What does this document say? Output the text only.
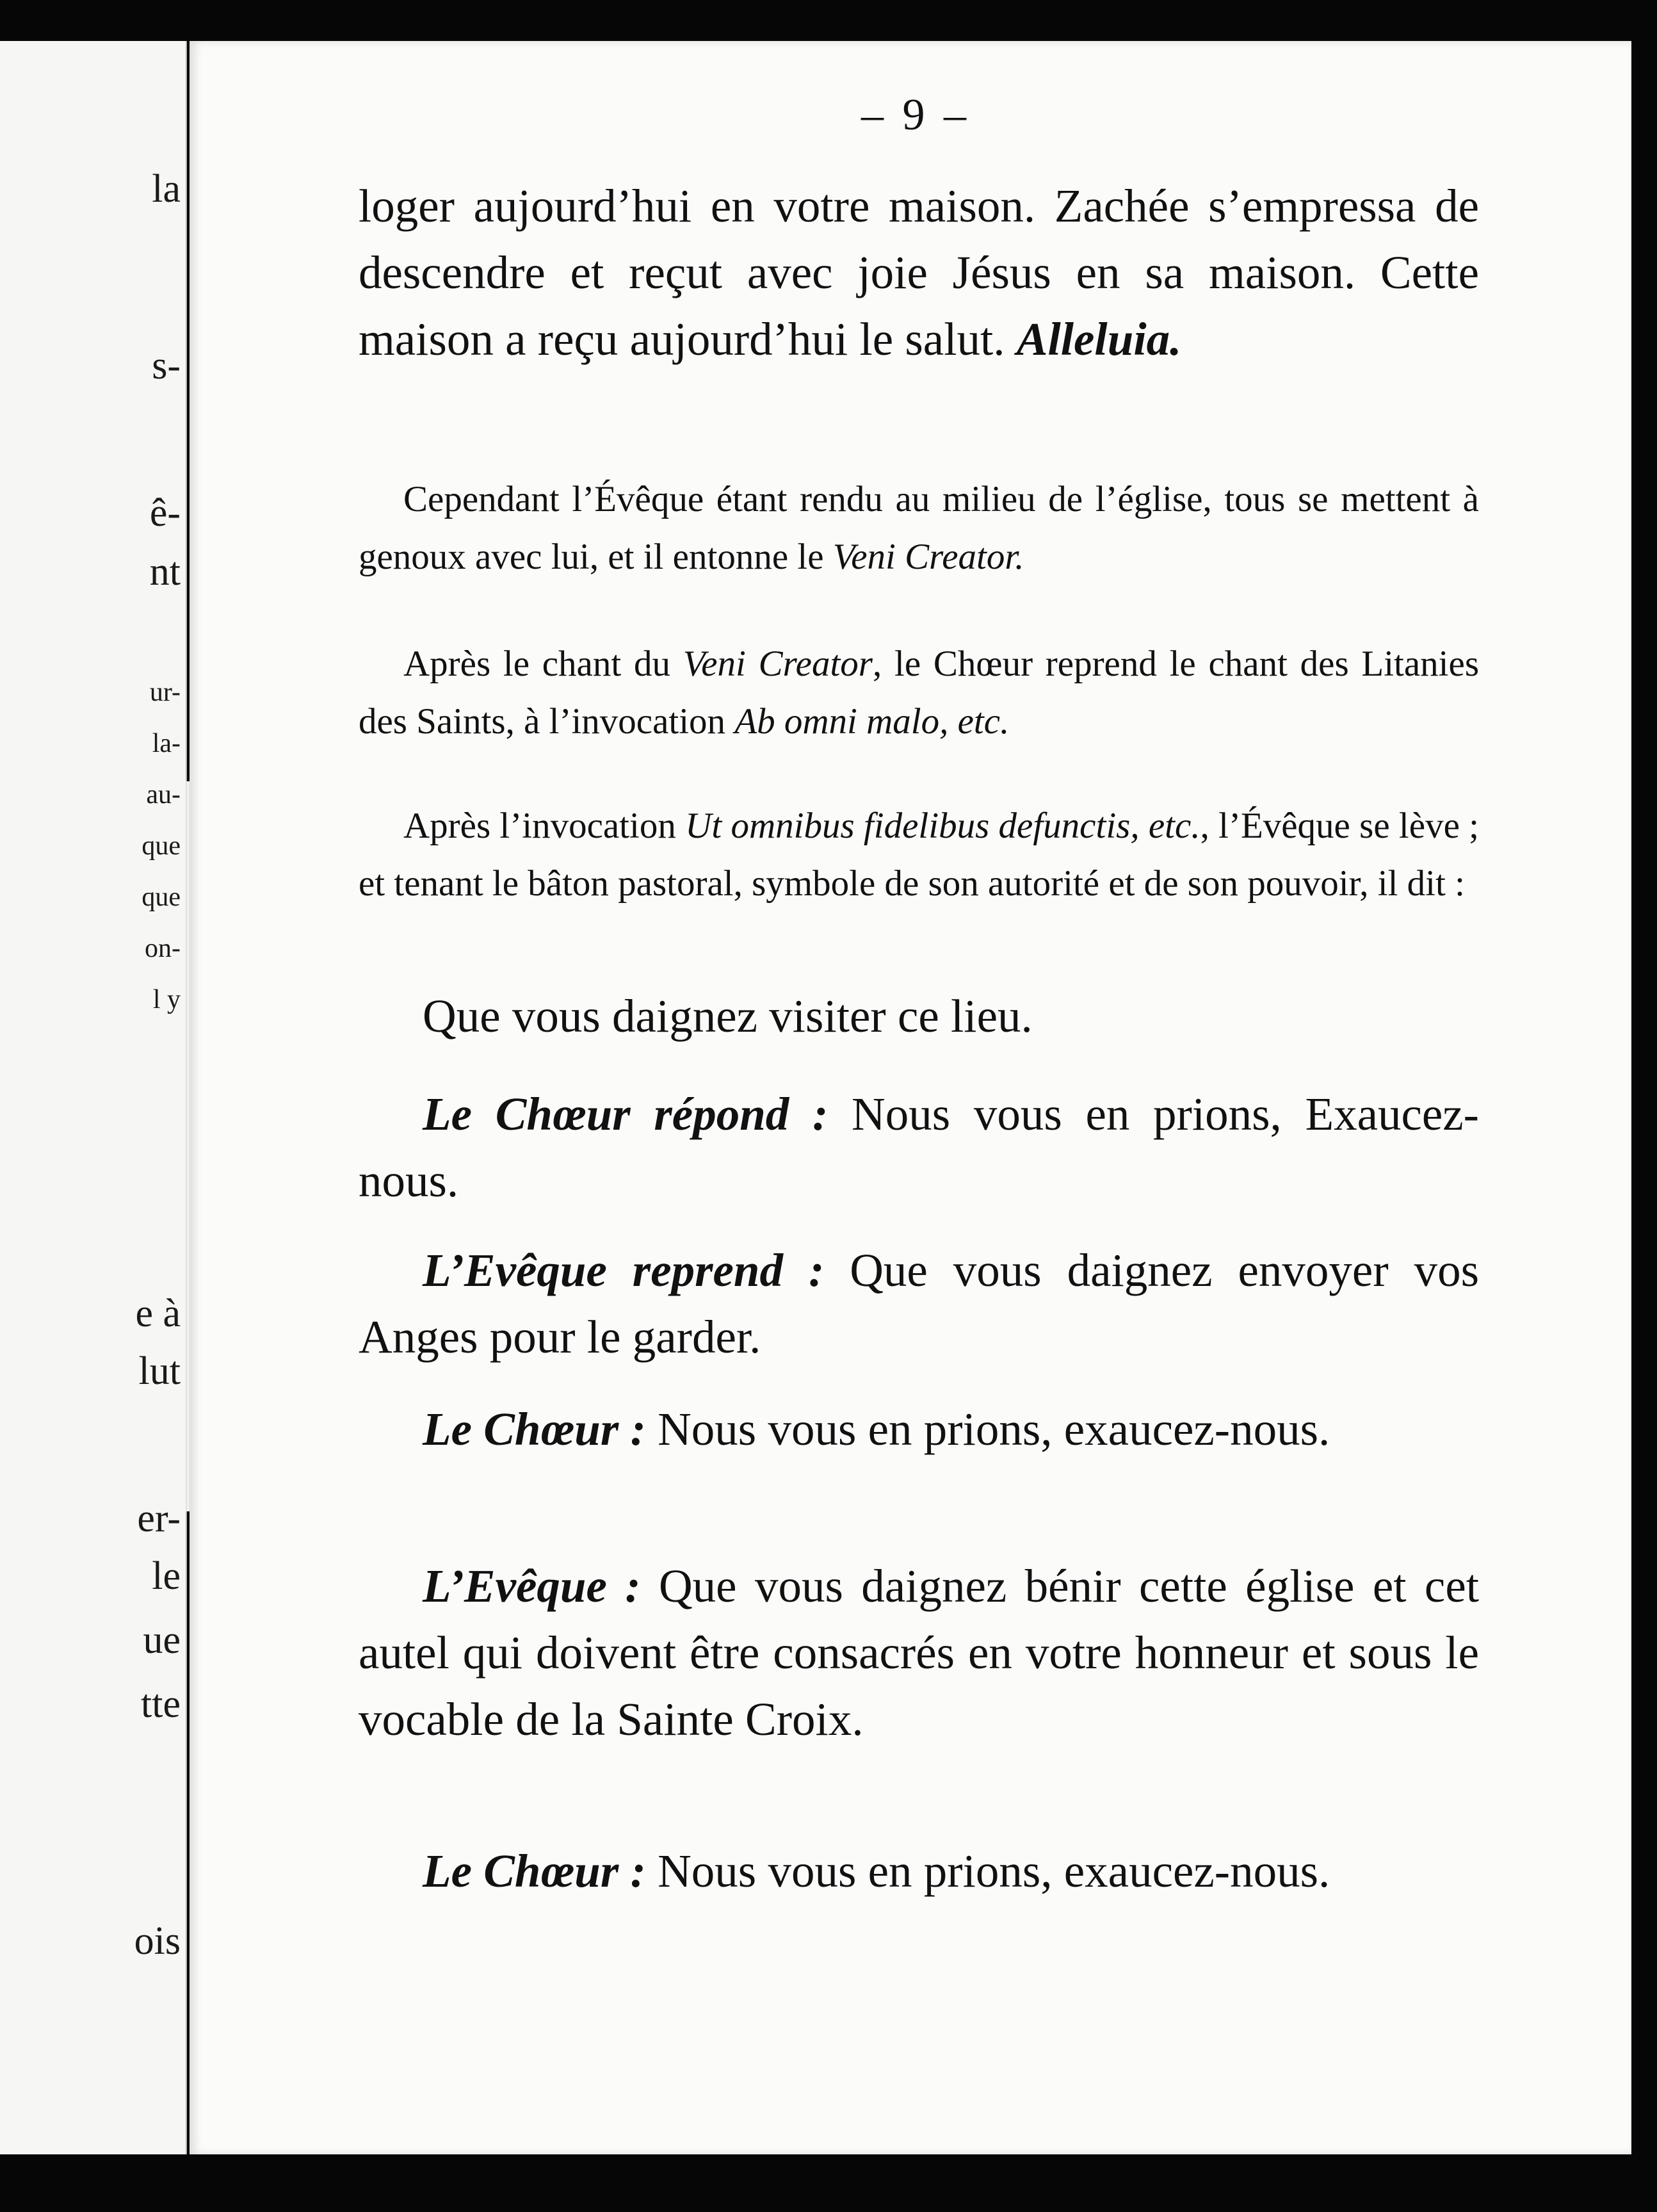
– 9 –
loger aujourd’hui en votre maison. Zachée s’empressa de descendre et reçut avec joie Jésus en sa maison. Cette maison a reçu aujourd’hui le salut. Alleluia.
Cependant l’Évêque étant rendu au milieu de l’église, tous se mettent à genoux avec lui, et il entonne le Veni Creator.
Après le chant du Veni Creator, le Chœur reprend le chant des Litanies des Saints, à l’invocation Ab omni malo, etc.
Après l’invocation Ut omnibus fidelibus defunctis, etc., l’Évêque se lève ; et tenant le bâton pastoral, symbole de son autorité et de son pouvoir, il dit :
Que vous daignez visiter ce lieu.
Le Chœur répond : Nous vous en prions, Exaucez-nous.
L’Evêque reprend : Que vous daignez envoyer vos Anges pour le garder.
Le Chœur : Nous vous en prions, exaucez-nous.
L’Evêque : Que vous daignez bénir cette église et cet autel qui doivent être consacrés en votre honneur et sous le vocable de la Sainte Croix.
Le Chœur : Nous vous en prions, exaucez-nous.
la
s-
ê-
nt
ur-
la-
au-
que
que
on-
l y
e à
lut
er-
le
ue
tte
ois
